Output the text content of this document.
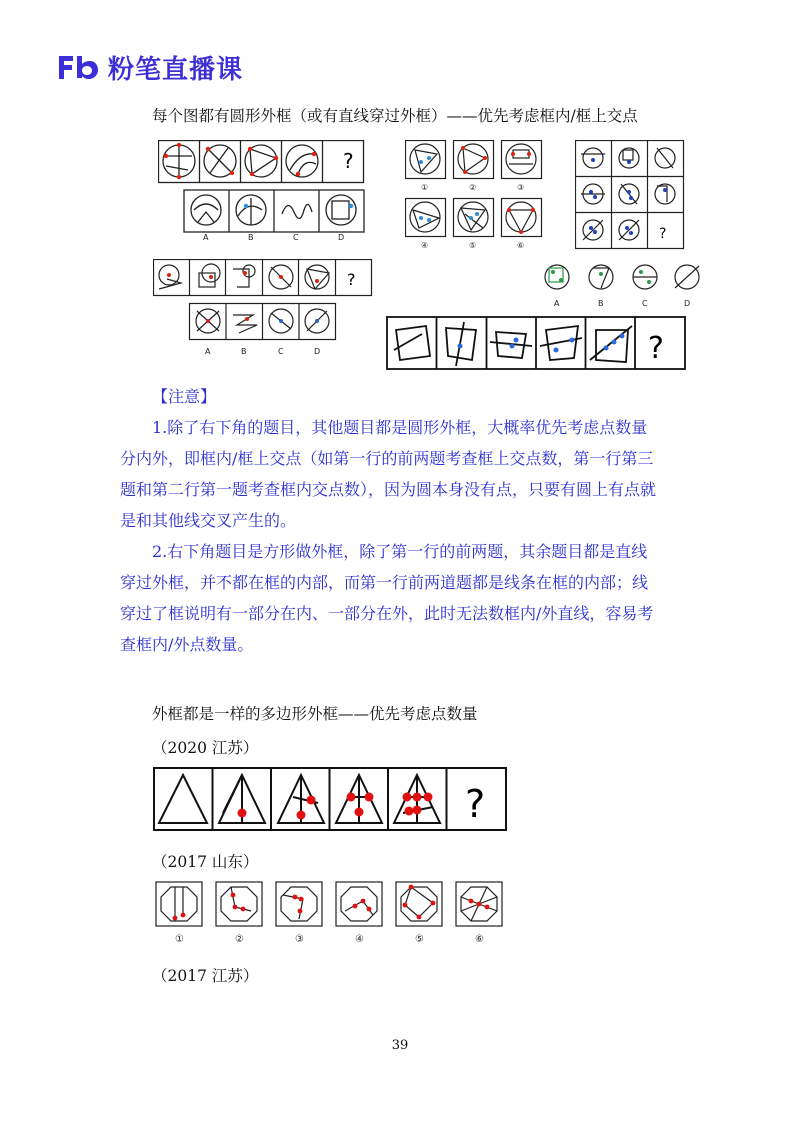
粉笔直播课
每个图都有圆形外框（或有直线穿过外框）——优先考虑框内/框上交点
?
A	B	C	D
①	②	③
④	⑤	⑥
?
?
A	B	C	D
A	B	C	D
?
【注意】
1.除了右下角的题目，其他题目都是圆形外框，大概率优先考虑点数量分内外，即框内/框上交点（如第一行的前两题考查框上交点数，第一行第三题和第二行第一题考查框内交点数），因为圆本身没有点，只要有圆上有点就是和其他线交叉产生的。
2.右下角题目是方形做外框，除了第一行的前两题，其余题目都是直线穿过外框，并不都在框的内部，而第一行前两道题都是线条在框的内部；线穿过了框说明有一部分在内、一部分在外，此时无法数框内/外直线，容易考查框内/外点数量。
外框都是一样的多边形外框——优先考虑点数量
（2020 江苏）
?
（2017 山东）
①	②	③	④	⑤	⑥
（2017 江苏）
39
